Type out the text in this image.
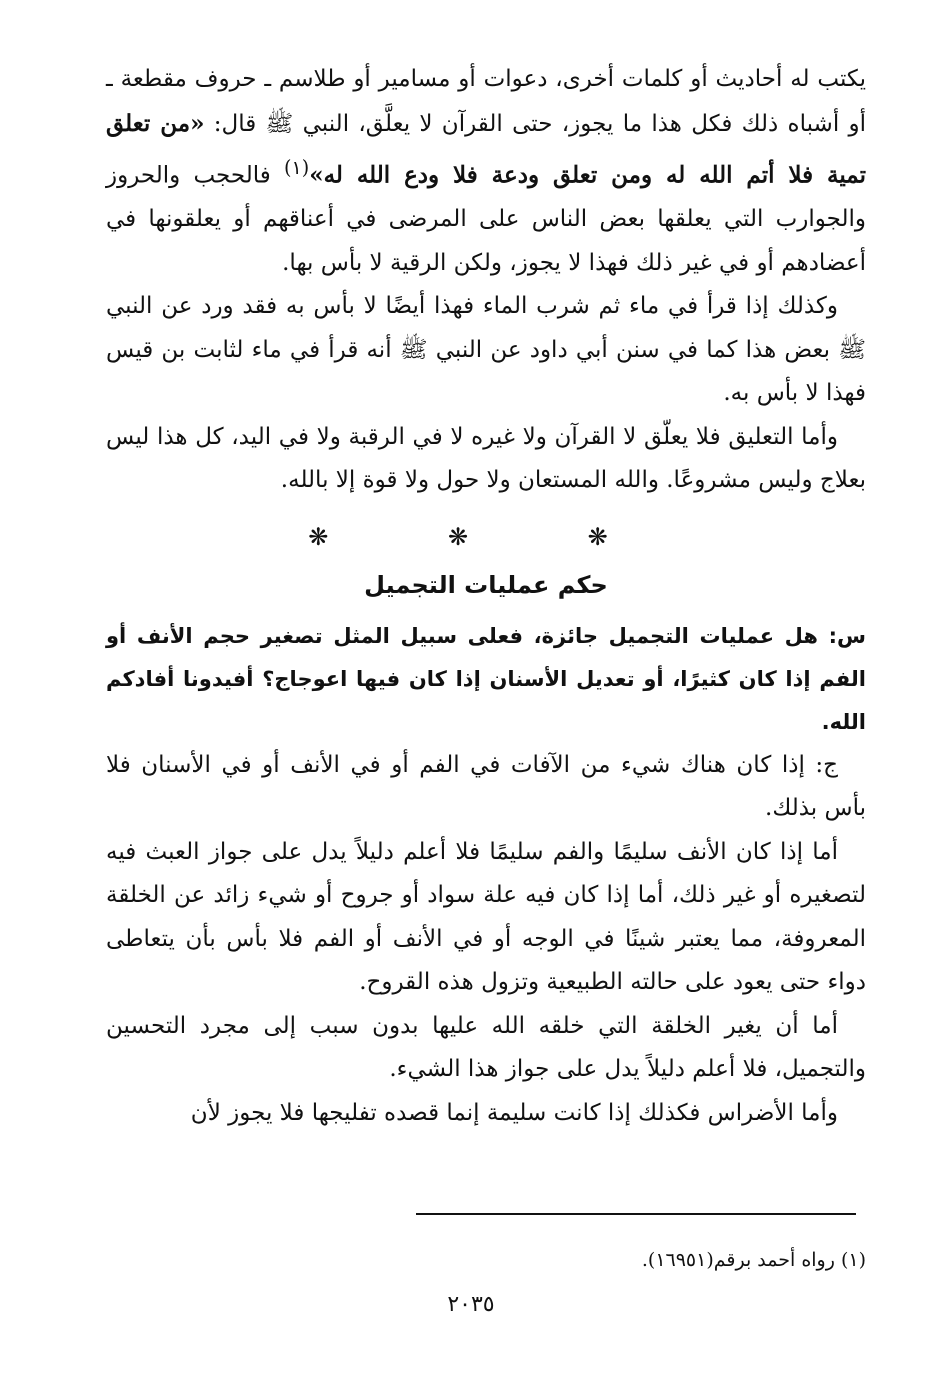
يكتب له أحاديث أو كلمات أخرى، دعوات أو مسامير أو طلاسم ـ حروف مقطعة ـ أو أشباه ذلك فكل هذا ما يجوز، حتى القرآن لا يعلَّق، النبي ﷺ قال: «من تعلق تمية فلا أتم الله له ومن تعلق ودعة فلا ودع الله له»$^{(١)}$ فالحجب والحروز والجوارب التي يعلقها بعض الناس على المرضى في أعناقهم أو يعلقونها في أعضادهم أو في غير ذلك فهذا لا يجوز، ولكن الرقية لا بأس بها.

وكذلك إذا قرأ في ماء ثم شرب الماء فهذا أيضًا لا بأس به فقد ورد عن النبي ﷺ بعض هذا كما في سنن أبي داود عن النبي ﷺ أنه قرأ في ماء لثابت بن قيس فهذا لا بأس به.

وأما التعليق فلا يعلّق لا القرآن ولا غيره لا في الرقبة ولا في اليد، كل هذا ليس بعلاج وليس مشروعًا. والله المستعان ولا حول ولا قوة إلا بالله.

❋ ❋ ❋
حكم عمليات التجميل

س: هل عمليات التجميل جائزة، فعلى سبيل المثل تصغير حجم الأنف أو الفم إذا كان كثيرًا، أو تعديل الأسنان إذا كان فيها اعوجاج؟ أفيدونا أفادكم الله.

ج: إذا كان هناك شيء من الآفات في الفم أو في الأنف أو في الأسنان فلا بأس بذلك.

أما إذا كان الأنف سليمًا والفم سليمًا فلا أعلم دليلاً يدل على جواز العبث فيه لتصغيره أو غير ذلك، أما إذا كان فيه علة سواد أو جروح أو شيء زائد عن الخلقة المعروفة، مما يعتبر شينًا في الوجه أو في الأنف أو الفم فلا بأس بأن يتعاطى دواء حتى يعود على حالته الطبيعية وتزول هذه القروح.

أما أن يغير الخلقة التي خلقه الله عليها بدون سبب إلى مجرد التحسين والتجميل، فلا أعلم دليلاً يدل على جواز هذا الشيء.

وأما الأضراس فكذلك إذا كانت سليمة إنما قصده تفليجها فلا يجوز لأن

(١) رواه أحمد برقم(١٦٩٥١).
٢٠٣٥
